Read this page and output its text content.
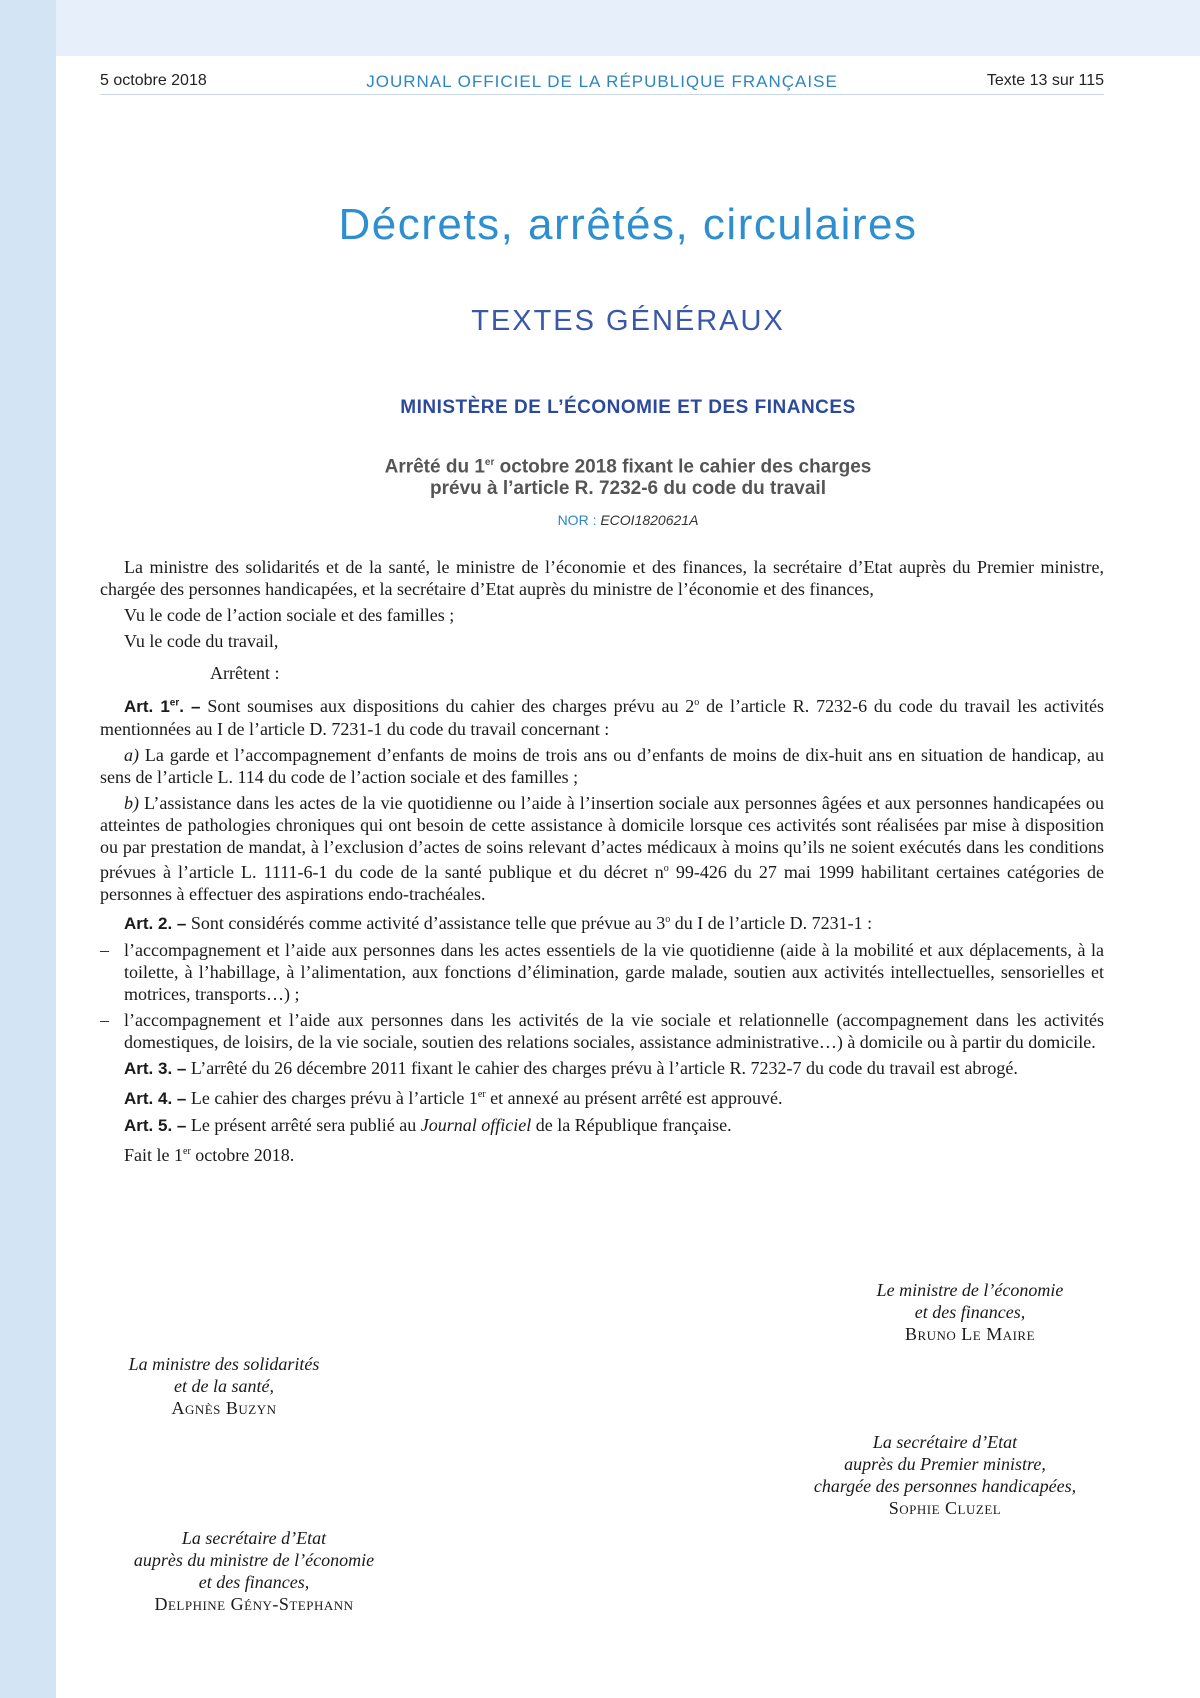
5 octobre 2018	JOURNAL OFFICIEL DE LA RÉPUBLIQUE FRANÇAISE	Texte 13 sur 115
Décrets, arrêtés, circulaires
TEXTES GÉNÉRAUX
MINISTÈRE DE L’ÉCONOMIE ET DES FINANCES
Arrêté du 1er octobre 2018 fixant le cahier des charges
prévu à l’article R. 7232-6 du code du travail
NOR : ECOI1820621A

La ministre des solidarités et de la santé, le ministre de l’économie et des finances, la secrétaire d’Etat auprès du Premier ministre, chargée des personnes handicapées, et la secrétaire d’Etat auprès du ministre de l’économie et des finances,

Vu le code de l’action sociale et des familles ;

Vu le code du travail,

Arrêtent :

Art. 1er. – Sont soumises aux dispositions du cahier des charges prévu au 2$^o$ de l’article R. 7232-6 du code du travail les activités mentionnées au I de l’article D. 7231-1 du code du travail concernant :

a) La garde et l’accompagnement d’enfants de moins de trois ans ou d’enfants de moins de dix-huit ans en situation de handicap, au sens de l’article L. 114 du code de l’action sociale et des familles ;

b) L’assistance dans les actes de la vie quotidienne ou l’aide à l’insertion sociale aux personnes âgées et aux personnes handicapées ou atteintes de pathologies chroniques qui ont besoin de cette assistance à domicile lorsque ces activités sont réalisées par mise à disposition ou par prestation de mandat, à l’exclusion d’actes de soins relevant d’actes médicaux à moins qu’ils ne soient exécutés dans les conditions prévues à l’article L. 1111-6-1 du code de la santé publique et du décret $n^o$ 99-426 du 27 mai 1999 habilitant certaines catégories de personnes à effectuer des aspirations endo-trachéales.

Art. 2. – Sont considérés comme activité d’assistance telle que prévue au 3$^o$ du I de l’article D. 7231-1 :

– l’accompagnement et l’aide aux personnes dans les actes essentiels de la vie quotidienne (aide à la mobilité et aux déplacements, à la toilette, à l’habillage, à l’alimentation, aux fonctions d’élimination, garde malade, soutien aux activités intellectuelles, sensorielles et motrices, transports…) ;

– l’accompagnement et l’aide aux personnes dans les activités de la vie sociale et relationnelle (accompagnement dans les activités domestiques, de loisirs, de la vie sociale, soutien des relations sociales, assistance administrative…) à domicile ou à partir du domicile.

Art. 3. – L’arrêté du 26 décembre 2011 fixant le cahier des charges prévu à l’article R. 7232-7 du code du travail est abrogé.

Art. 4. – Le cahier des charges prévu à l’article 1er et annexé au présent arrêté est approuvé.

Art. 5. – Le présent arrêté sera publié au Journal officiel de la République française.

Fait le 1er octobre 2018.

Le ministre de l’économie
et des finances,
Bruno Le Maire
La ministre des solidarités
et de la santé,
Agnès Buzyn
La secrétaire d’Etat
auprès du Premier ministre,
chargée des personnes handicapées,
Sophie Cluzel
La secrétaire d’Etat
auprès du ministre de l’économie
et des finances,
Delphine Gény-Stephann
